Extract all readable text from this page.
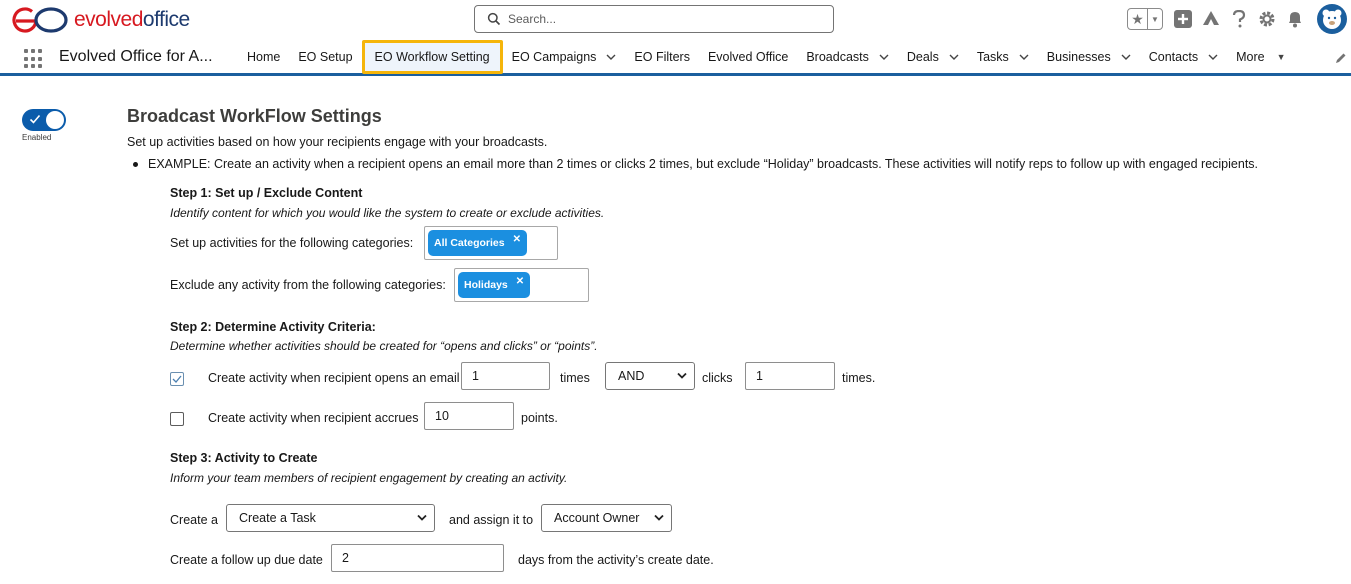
evolvedoffice
Search...	★ ▼
Evolved Office for A...	Home EO Setup EO Workflow Setting EO Campaigns	EO Filters Evolved Office Broadcasts	Deals	Tasks	Businesses	Contacts	More ▼
Enabled
Broadcast WorkFlow Settings
Set up activities based on how your recipients engage with your broadcasts.
EXAMPLE: Create an activity when a recipient opens an email more than 2 times or clicks 2 times, but exclude “Holiday” broadcasts. These activities will notify reps to follow up with engaged recipients.
Step 1: Set up / Exclude Content
Identify content for which you would like the system to create or exclude activities.
Set up activities for the following categories: All Categories ✕
Exclude any activity from the following categories: Holidays ✕
Step 2: Determine Activity Criteria:
Determine whether activities should be created for “opens and clicks” or “points”.
Create activity when recipient opens an email
1	times AND	clicks
1	times.
Create activity when recipient accrues
10	points.
Step 3: Activity to Create
Inform your team members of recipient engagement by creating an activity.
Create a Create a Task	and assign it to Account Owner
Create a follow up due date
2	days from the activity’s create date.
